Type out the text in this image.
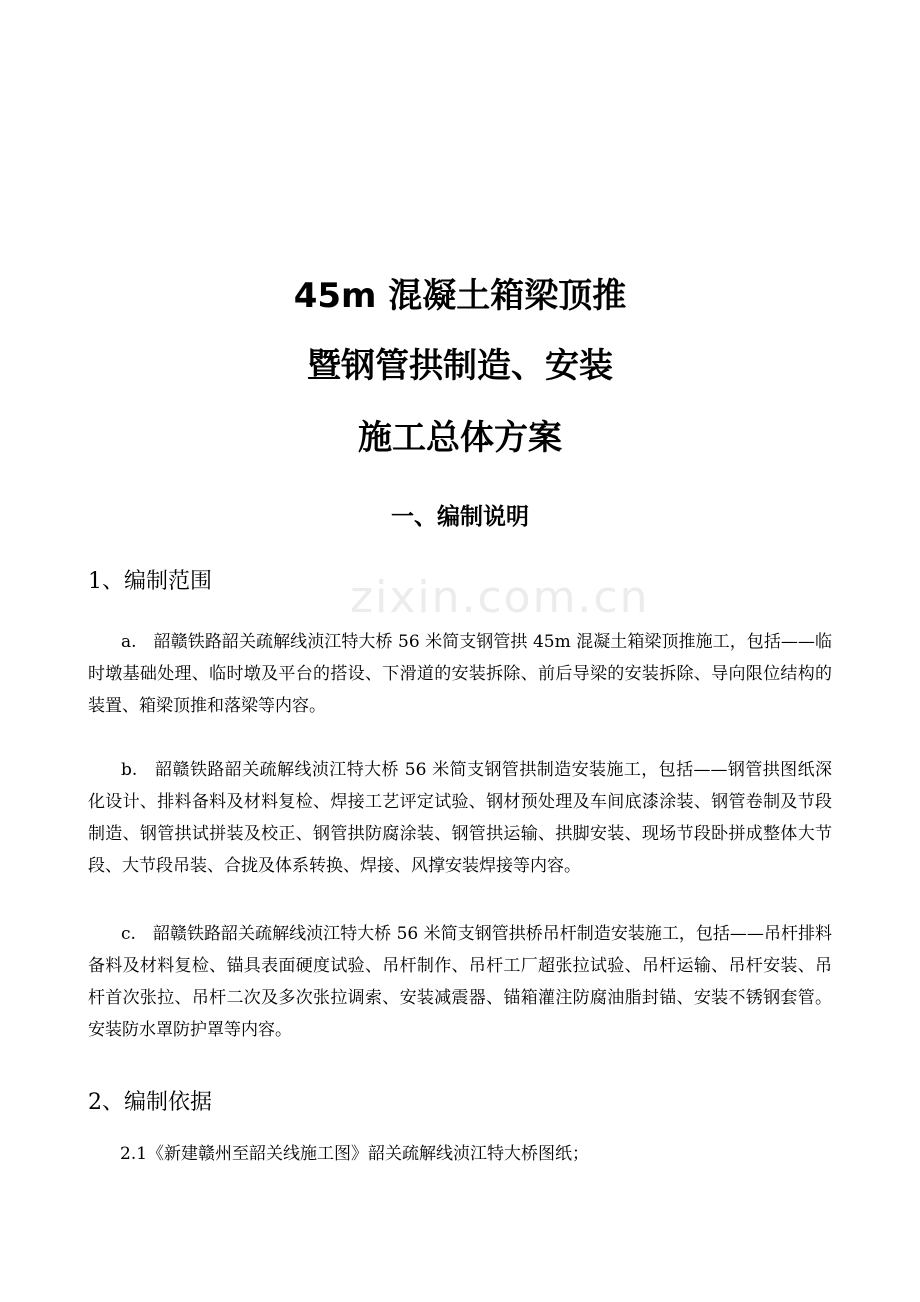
zixin.com.cn
45m 混凝土箱梁顶推
暨钢管拱制造、安装
施工总体方案
一、编制说明
1、编制范围
a.　韶赣铁路韶关疏解线浈江特大桥 56 米简支钢管拱 45m 混凝土箱梁顶推施工，包括——临时墩基础处理、临时墩及平台的搭设、下滑道的安装拆除、前后导梁的安装拆除、导向限位结构的装置、箱梁顶推和落梁等内容。
b.　韶赣铁路韶关疏解线浈江特大桥 56 米简支钢管拱制造安装施工，包括——钢管拱图纸深化设计、排料备料及材料复检、焊接工艺评定试验、钢材预处理及车间底漆涂装、钢管卷制及节段制造、钢管拱试拼装及校正、钢管拱防腐涂装、钢管拱运输、拱脚安装、现场节段卧拼成整体大节段、大节段吊装、合拢及体系转换、焊接、风撑安装焊接等内容。
c.　韶赣铁路韶关疏解线浈江特大桥 56 米简支钢管拱桥吊杆制造安装施工，包括——吊杆排料备料及材料复检、锚具表面硬度试验、吊杆制作、吊杆工厂超张拉试验、吊杆运输、吊杆安装、吊杆首次张拉、吊杆二次及多次张拉调索、安装减震器、锚箱灌注防腐油脂封锚、安装不锈钢套管。安装防水罩防护罩等内容。
2、编制依据
2.1《新建赣州至韶关线施工图》韶关疏解线浈江特大桥图纸；
